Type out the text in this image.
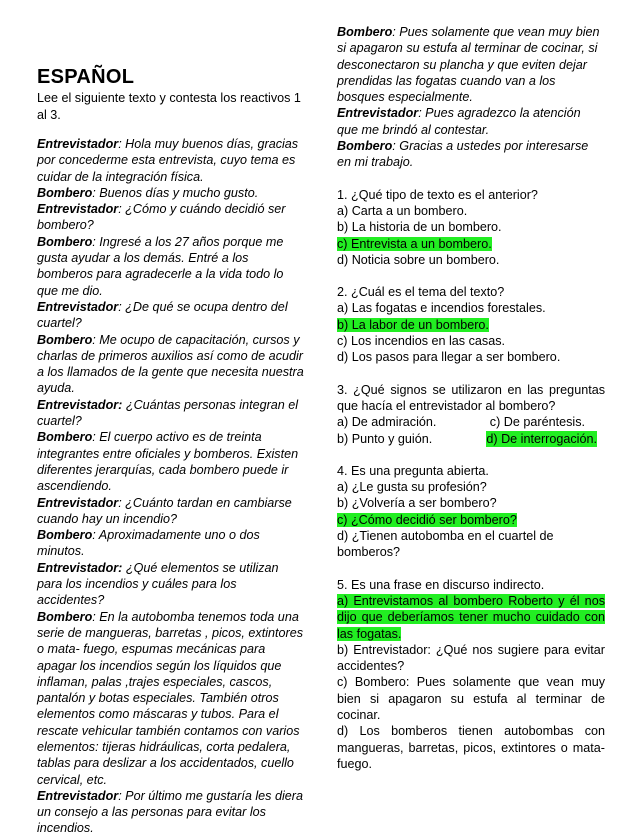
ESPAÑOL
Lee el siguiente texto y contesta los reactivos 1 al 3.

Entrevistador: Hola muy buenos días, gracias por concederme esta entrevista, cuyo tema es cuidar de la integración física.

Bombero: Buenos días y mucho gusto.

Entrevistador: ¿Cómo y cuándo decidió ser bombero?

Bombero: Ingresé a los 27 años porque me gusta ayudar a los demás. Entré a los bomberos para agradecerle a la vida todo lo que me dio.

Entrevistador: ¿De qué se ocupa dentro del cuartel?

Bombero: Me ocupo de capacitación, cursos y charlas de primeros auxilios así como de acudir a los llamados de la gente que necesita nuestra ayuda.

Entrevistador: ¿Cuántas personas integran el cuartel?

Bombero: El cuerpo activo es de treinta integrantes entre oficiales y bomberos. Existen diferentes jerarquías, cada bombero puede ir ascendiendo.

Entrevistador: ¿Cuánto tardan en cambiarse cuando hay un incendio?

Bombero: Aproximadamente uno o dos minutos.

Entrevistador: ¿Qué elementos se utilizan para los incendios y cuáles para los accidentes?

Bombero: En la autobomba tenemos toda una serie de mangueras, barretas , picos, extintores o mata- fuego, espumas mecánicas para apagar los incendios según los líquidos que inflaman, palas ,trajes especiales, cascos, pantalón y botas especiales. También otros elementos como máscaras y tubos. Para el rescate vehicular también contamos con varios elementos: tijeras hidráulicas, corta pedalera, tablas para deslizar a los accidentados, cuello cervical, etc.

Entrevistador: Por último me gustaría les diera un consejo a las personas para evitar los incendios.

Bombero: Pues solamente que vean muy bien si apagaron su estufa al terminar de cocinar, si desconectaron su plancha y que eviten dejar prendidas las fogatas cuando van a los bosques especialmente.

Entrevistador: Pues agradezco la atención que me brindó al contestar.

Bombero: Gracias a ustedes por interesarse en mi trabajo.

1. ¿Qué tipo de texto es el anterior?

a) Carta a un bombero.

b) La historia de un bombero.

c) Entrevista a un bombero.

d) Noticia sobre un bombero.

2. ¿Cuál es el tema del texto?

a) Las fogatas e incendios forestales.

b) La labor de un bombero.

c) Los incendios en las casas.

d) Los pasos para llegar a ser bombero.

3. ¿Qué signos se utilizaron en las preguntas que hacía el entrevistador al bombero?

a) De admiración.	c) De paréntesis.
b) Punto y guión.	d) De interrogación.

4. Es una pregunta abierta.

a) ¿Le gusta su profesión?

b) ¿Volvería a ser bombero?

c) ¿Cómo decidió ser bombero?

d) ¿Tienen autobomba en el cuartel de bomberos?

5. Es una frase en discurso indirecto.

a) Entrevistamos al bombero Roberto y él nos dijo que deberíamos tener mucho cuidado con las fogatas.

b) Entrevistador: ¿Qué nos sugiere para evitar accidentes?

c) Bombero: Pues solamente que vean muy bien si apagaron su estufa al terminar de cocinar.

d) Los bomberos tienen autobombas con mangueras, barretas, picos, extintores o mata- fuego.
